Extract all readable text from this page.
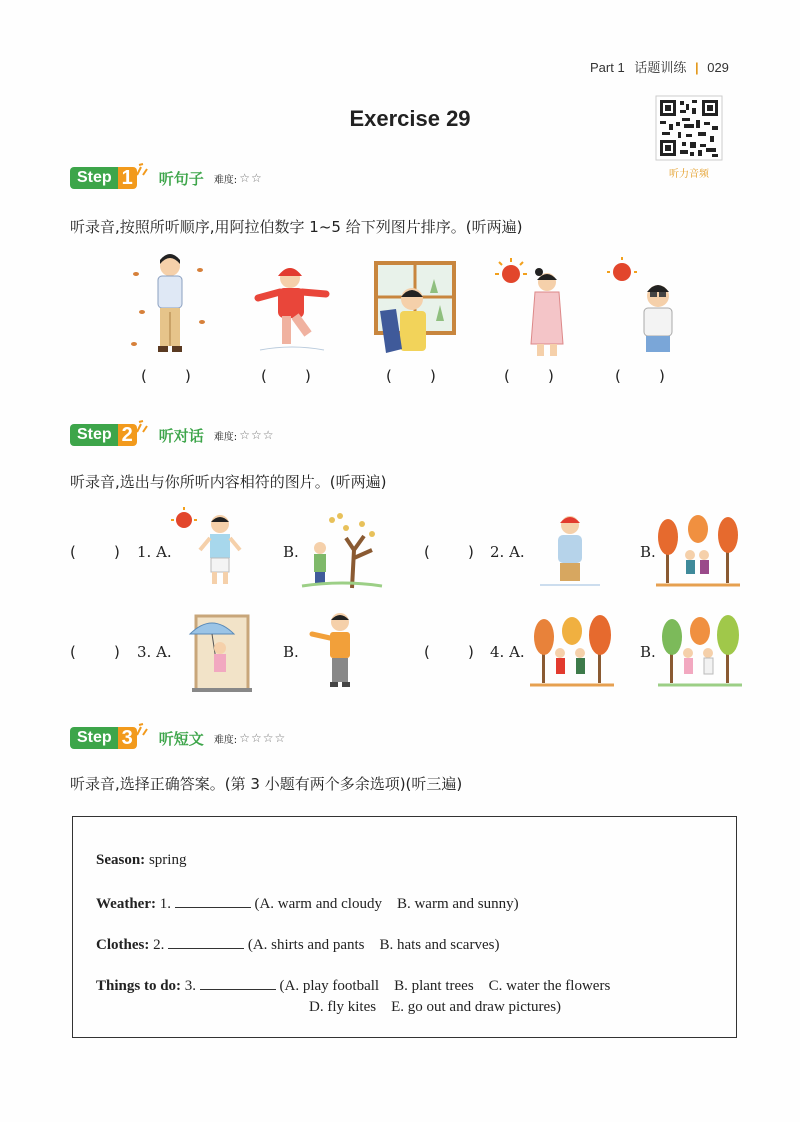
Part 1 话题训练 | 029
Exercise 29
听力音频
Step 1 听句子 难度: ☆☆
听录音,按照所听顺序,用阿拉伯数字 1~5 给下列图片排序。(听两遍)
(        )	(        )	(        )	(        )	(        )
Step 2 听对话 难度: ☆☆☆
听录音,选出与你所听内容相符的图片。(听两遍)
(        ) 1. A.	B.	(        ) 2. A.	B.
(        ) 3. A.	B.	(        ) 4. A.	B.
Step 3 听短文 难度: ☆☆☆☆
听录音,选择正确答案。(第 3 小题有两个多余选项)(听三遍)

Season: spring

Weather: 1.	(A. warm and cloudy    B. warm and sunny)

Clothes: 2.	(A. shirts and pants    B. hats and scarves)

Things to do: 3.	(A. play football    B. plant trees    C. water the flowers

D. fly kites    E. go out and draw pictures)
